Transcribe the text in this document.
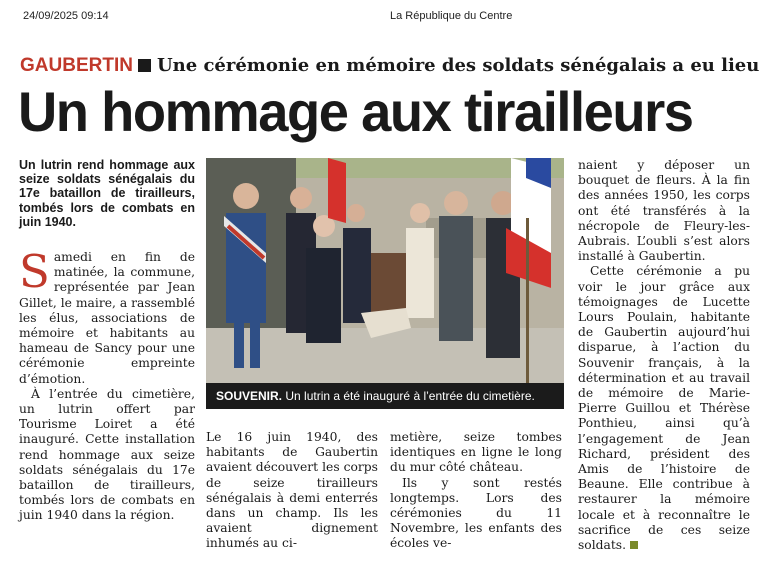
24/09/2025 09:14	La République du Centre
GAUBERTIN Une cérémonie en mémoire des soldats sénégalais a eu lieu
Un hommage aux tirailleurs
Un lutrin rend hommage aux seize soldats sénégalais du 17e bataillon de tirailleurs, tombés lors de combats en juin 1940.

Samedi en fin de matinée, la commune, représentée par Jean Gillet, le maire, a rassemblé les élus, associations de mémoire et habitants au hameau de Sancy pour une cérémonie empreinte d’émotion.

À l’entrée du cimetière, un lutrin offert par Tourisme Loiret a été inauguré. Cette installation rend hommage aux seize soldats sénégalais du 17e bataillon de tirailleurs, tombés lors de combats en juin 1940 dans la région.

SOUVENIR. Un lutrin a été inauguré à l’entrée du cimetière.

Le 16 juin 1940, des habitants de Gaubertin avaient découvert les corps de seize tirailleurs sénégalais à demi enterrés dans un champ. Ils les avaient dignement inhumés au ci-

metière, seize tombes identiques en ligne le long du mur côté château.

Ils y sont restés longtemps. Lors des cérémonies du 11 Novembre, les enfants des écoles ve-

naient y déposer un bouquet de fleurs. À la fin des années 1950, les corps ont été transférés à la nécropole de Fleury-les-Aubrais. L’oubli s’est alors installé à Gaubertin.

Cette cérémonie a pu voir le jour grâce aux témoignages de Lucette Lours Poulain, habitante de Gaubertin aujourd’hui disparue, à l’action du Souvenir français, à la détermination et au travail de mémoire de Marie-Pierre Guillou et Thérèse Ponthieu, ainsi qu’à l’engagement de Jean Richard, président des Amis de l’histoire de Beaune. Elle contribue à restaurer la mémoire locale et à reconnaître le sacrifice de ces seize soldats.
